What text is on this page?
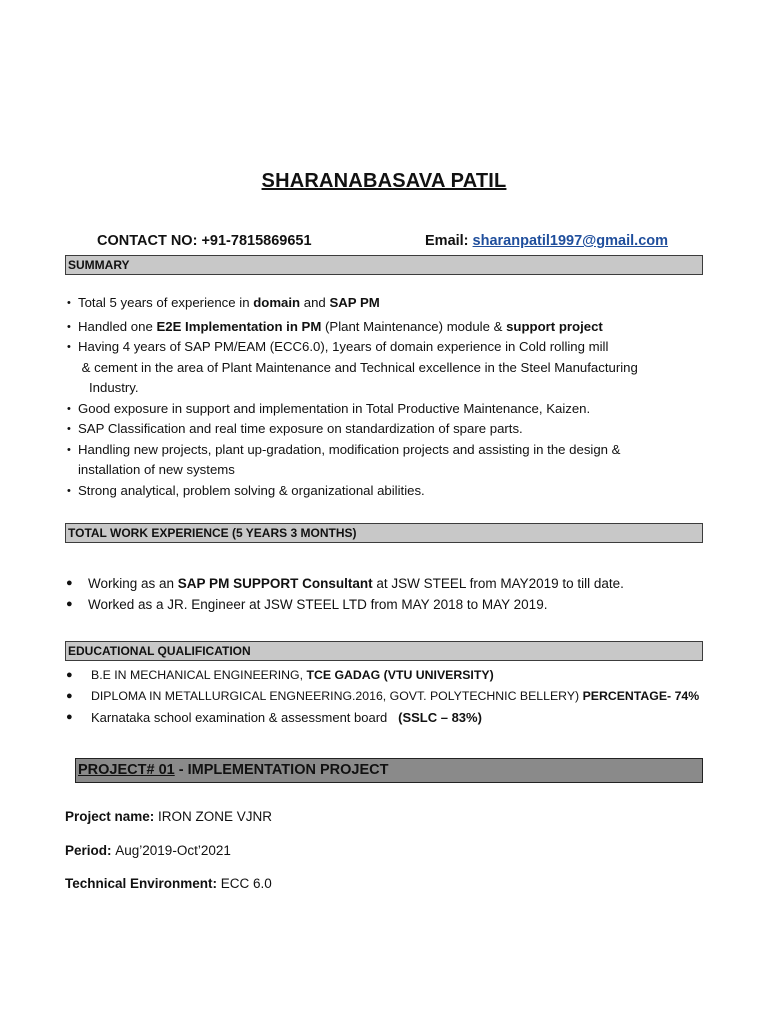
SHARANABASAVA PATIL
CONTACT NO: +91-7815869651	Email: sharanpatil1997@gmail.com
SUMMARY
• Total 5 years of experience in domain and SAP PM
• Handled one E2E Implementation in PM (Plant Maintenance) module & support project
• Having 4 years of SAP PM/EAM (ECC6.0), 1years of domain experience in Cold rolling mill
& cement in the area of Plant Maintenance and Technical excellence in the Steel Manufacturing
Industry.
• Good exposure in support and implementation in Total Productive Maintenance, Kaizen.
• SAP Classification and real time exposure on standardization of spare parts.
• Handling new projects, plant up-gradation, modification projects and assisting in the design &
installation of new systems
• Strong analytical, problem solving & organizational abilities.
TOTAL WORK EXPERIENCE (5 YEARS 3 MONTHS)
● Working as an SAP PM SUPPORT Consultant at JSW STEEL from MAY2019 to till date.
● Worked as a JR. Engineer at JSW STEEL LTD from MAY 2018 to MAY 2019.
EDUCATIONAL QUALIFICATION
● B.E IN MECHANICAL ENGINEERING, TCE GADAG (VTU UNIVERSITY)
● DIPLOMA IN METALLURGICAL ENGNEERING.2016, GOVT. POLYTECHNIC BELLERY) PERCENTAGE- 74%
● Karnataka school examination & assessment board   (SSLC – 83%)
PROJECT# 01 - IMPLEMENTATION PROJECT
Project name: IRON ZONE VJNR
Period: Aug’2019-Oct’2021
Technical Environment: ECC 6.0
